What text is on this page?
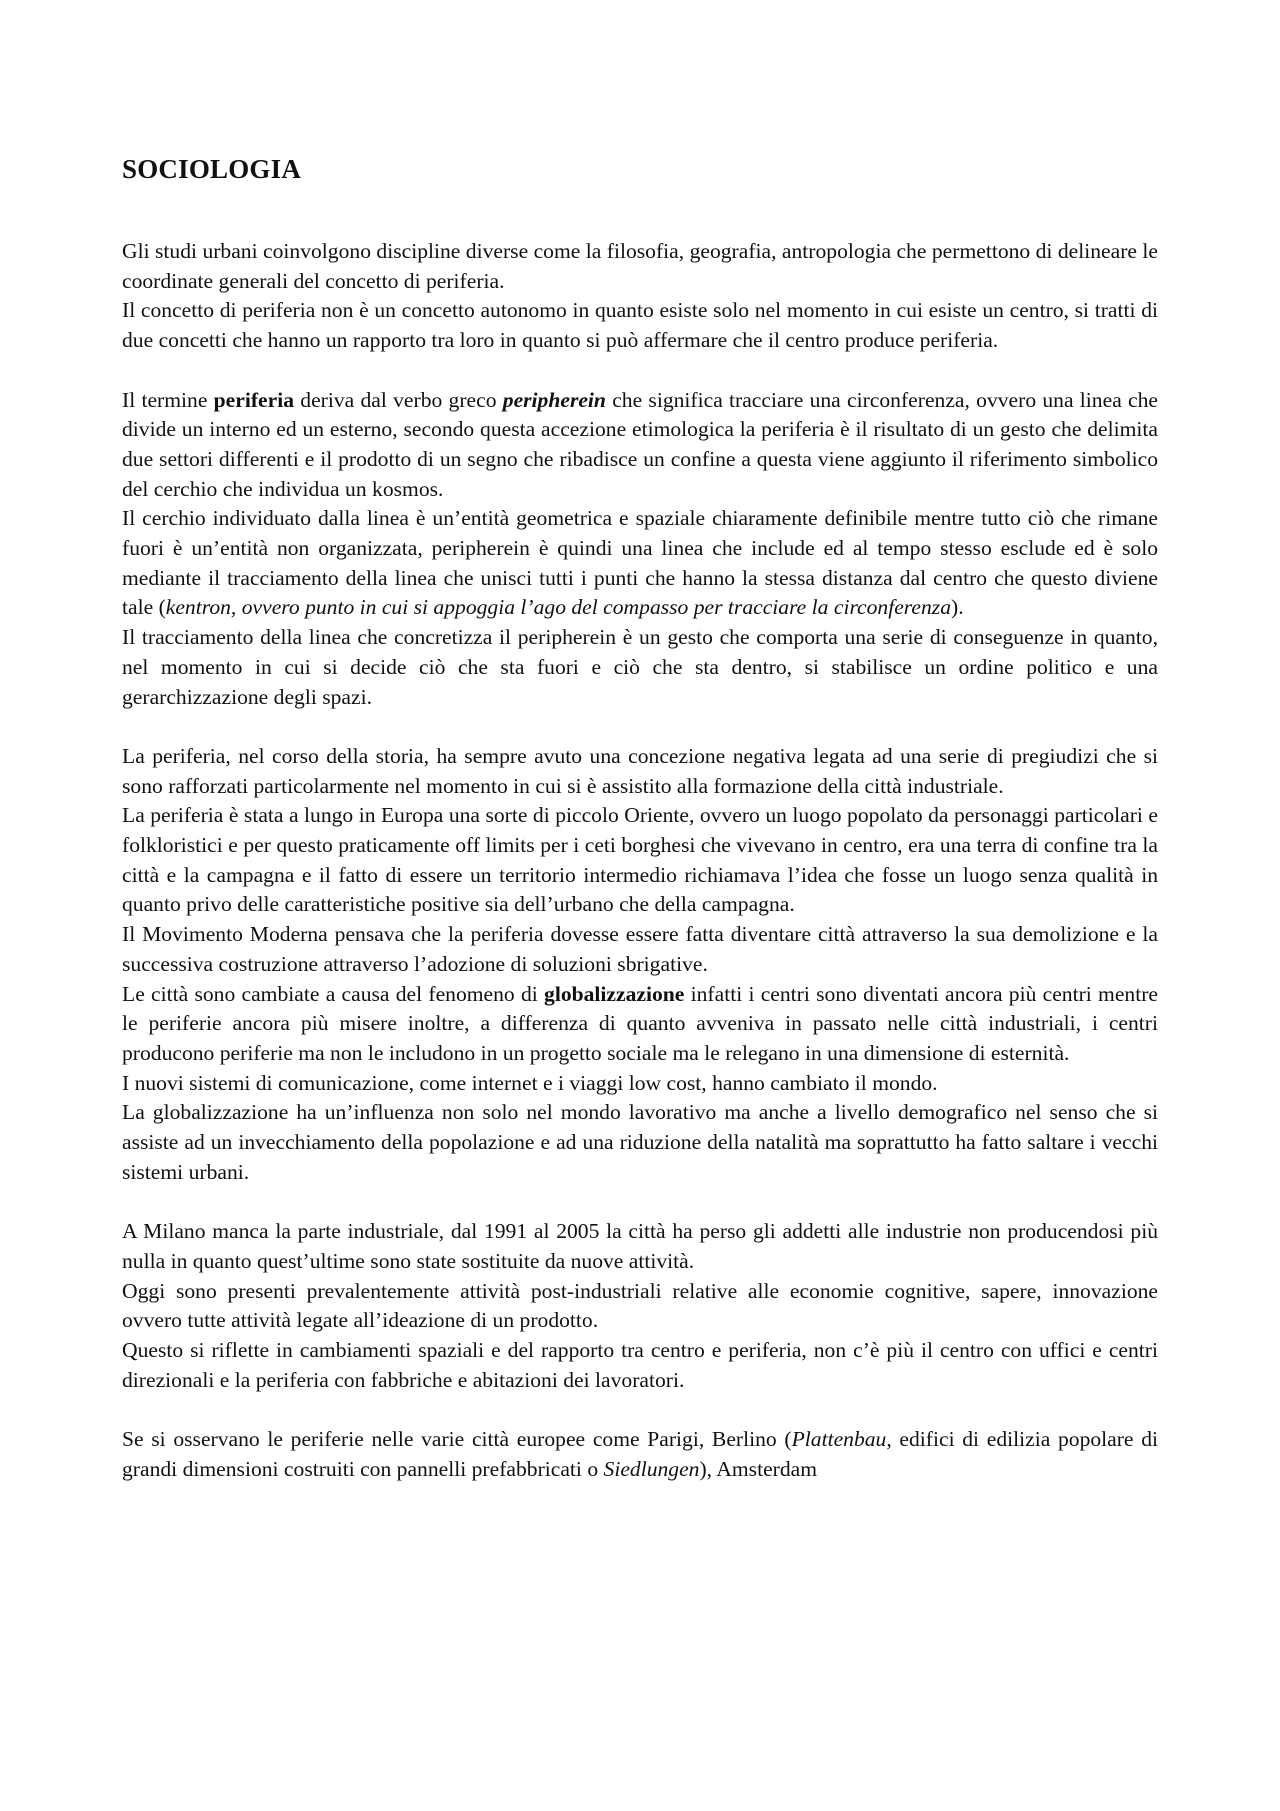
SOCIOLOGIA

Gli studi urbani coinvolgono discipline diverse come la filosofia, geografia, antropologia che permettono di delineare le coordinate generali del concetto di periferia.

Il concetto di periferia non è un concetto autonomo in quanto esiste solo nel momento in cui esiste un centro, si tratti di due concetti che hanno un rapporto tra loro in quanto si può affermare che il centro produce periferia.

Il termine periferia deriva dal verbo greco peripherein che significa tracciare una circonferenza, ovvero una linea che divide un interno ed un esterno, secondo questa accezione etimologica la periferia è il risultato di un gesto che delimita due settori differenti e il prodotto di un segno che ribadisce un confine a questa viene aggiunto il riferimento simbolico del cerchio che individua un kosmos.

Il cerchio individuato dalla linea è un’entità geometrica e spaziale chiaramente definibile mentre tutto ciò che rimane fuori è un’entità non organizzata, peripherein è quindi una linea che include ed al tempo stesso esclude ed è solo mediante il tracciamento della linea che unisci tutti i punti che hanno la stessa distanza dal centro che questo diviene tale (kentron, ovvero punto in cui si appoggia l’ago del compasso per tracciare la circonferenza).

Il tracciamento della linea che concretizza il peripherein è un gesto che comporta una serie di conseguenze in quanto, nel momento in cui si decide ciò che sta fuori e ciò che sta dentro, si stabilisce un ordine politico e una gerarchizzazione degli spazi.

La periferia, nel corso della storia, ha sempre avuto una concezione negativa legata ad una serie di pregiudizi che si sono rafforzati particolarmente nel momento in cui si è assistito alla formazione della città industriale.

La periferia è stata a lungo in Europa una sorte di piccolo Oriente, ovvero un luogo popolato da personaggi particolari e folkloristici e per questo praticamente off limits per i ceti borghesi che vivevano in centro, era una terra di confine tra la città e la campagna e il fatto di essere un territorio intermedio richiamava l’idea che fosse un luogo senza qualità in quanto privo delle caratteristiche positive sia dell’urbano che della campagna.

Il Movimento Moderna pensava che la periferia dovesse essere fatta diventare città attraverso la sua demolizione e la successiva costruzione attraverso l’adozione di soluzioni sbrigative.

Le città sono cambiate a causa del fenomeno di globalizzazione infatti i centri sono diventati ancora più centri mentre le periferie ancora più misere inoltre, a differenza di quanto avveniva in passato nelle città industriali, i centri producono periferie ma non le includono in un progetto sociale ma le relegano in una dimensione di esternità.

I nuovi sistemi di comunicazione, come internet e i viaggi low cost, hanno cambiato il mondo.

La globalizzazione ha un’influenza non solo nel mondo lavorativo ma anche a livello demografico nel senso che si assiste ad un invecchiamento della popolazione e ad una riduzione della natalità ma soprattutto ha fatto saltare i vecchi sistemi urbani.

A Milano manca la parte industriale, dal 1991 al 2005 la città ha perso gli addetti alle industrie non producendosi più nulla in quanto quest’ultime sono state sostituite da nuove attività.

Oggi sono presenti prevalentemente attività post-industriali relative alle economie cognitive, sapere, innovazione ovvero tutte attività legate all’ideazione di un prodotto.

Questo si riflette in cambiamenti spaziali e del rapporto tra centro e periferia, non c’è più il centro con uffici e centri direzionali e la periferia con fabbriche e abitazioni dei lavoratori.

Se si osservano le periferie nelle varie città europee come Parigi, Berlino (Plattenbau, edifici di edilizia popolare di grandi dimensioni costruiti con pannelli prefabbricati o Siedlungen), Amsterdam
